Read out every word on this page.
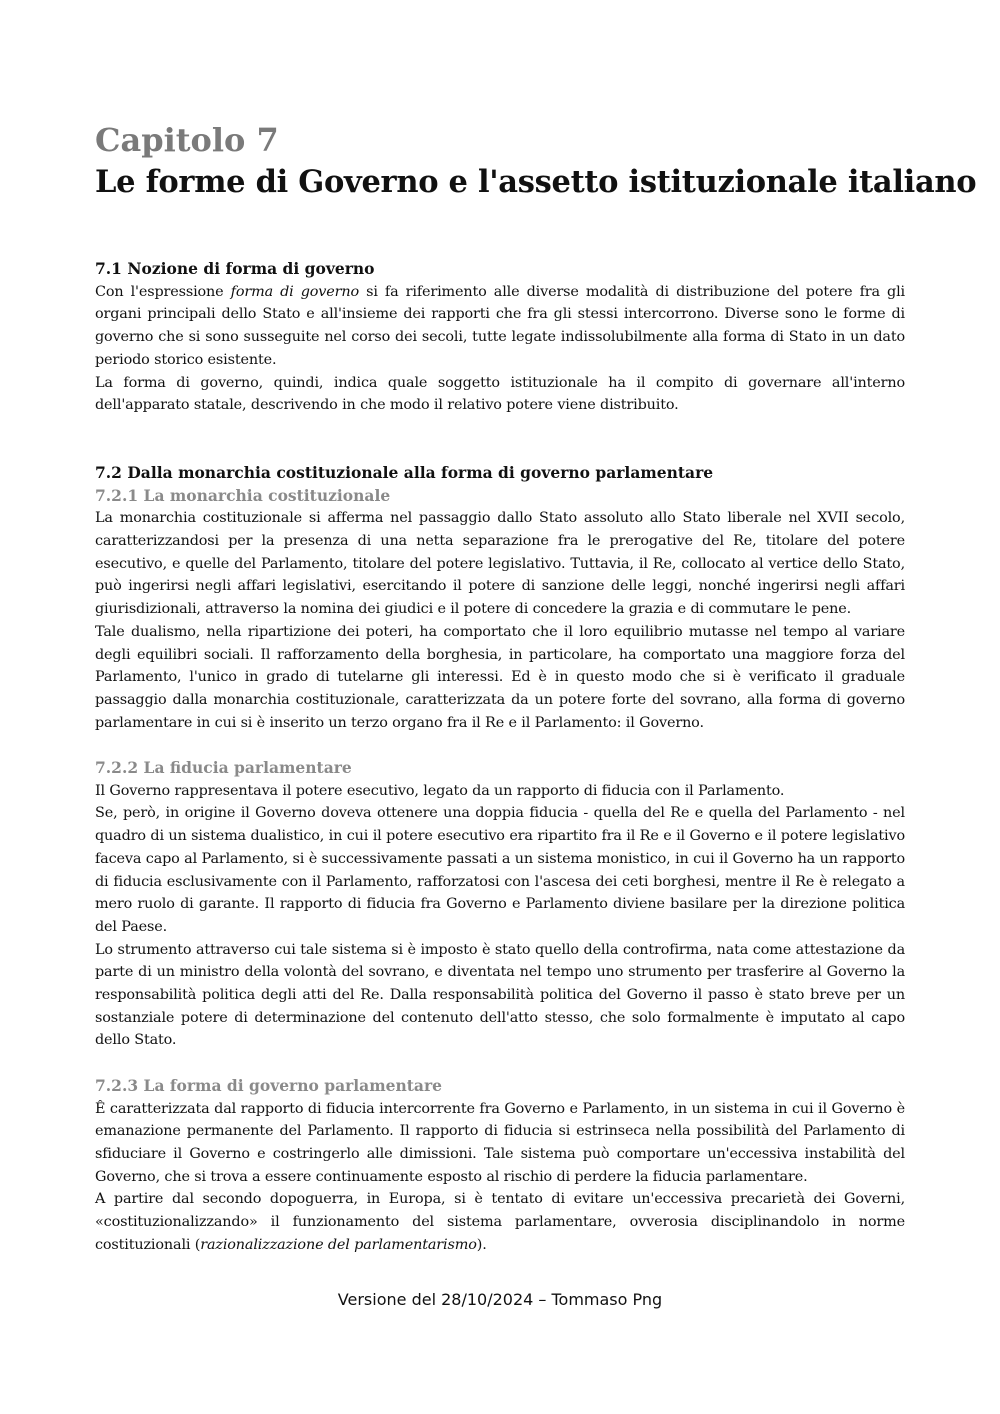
Capitolo 7
Le forme di Governo e l'assetto istituzionale italiano
7.1 Nozione di forma di governo

Con l'espressione forma di governo si fa riferimento alle diverse modalità di distribuzione del potere fra gli organi principali dello Stato e all'insieme dei rapporti che fra gli stessi intercorrono. Diverse sono le forme di governo che si sono susseguite nel corso dei secoli, tutte legate indissolubilmente alla forma di Stato in un dato periodo storico esistente.

La forma di governo, quindi, indica quale soggetto istituzionale ha il compito di governare all'interno dell'apparato statale, descrivendo in che modo il relativo potere viene distribuito.

7.2 Dalla monarchia costituzionale alla forma di governo parlamentare
7.2.1 La monarchia costituzionale

La monarchia costituzionale si afferma nel passaggio dallo Stato assoluto allo Stato liberale nel XVII secolo, caratterizzandosi per la presenza di una netta separazione fra le prerogative del Re, titolare del potere esecutivo, e quelle del Parlamento, titolare del potere legislativo. Tuttavia, il Re, collocato al vertice dello Stato, può ingerirsi negli affari legislativi, esercitando il potere di sanzione delle leggi, nonché ingerirsi negli affari giurisdizionali, attraverso la nomina dei giudici e il potere di concedere la grazia e di commutare le pene.

Tale dualismo, nella ripartizione dei poteri, ha comportato che il loro equilibrio mutasse nel tempo al variare degli equilibri sociali. Il rafforzamento della borghesia, in particolare, ha comportato una maggiore forza del Parlamento, l'unico in grado di tutelarne gli interessi. Ed è in questo modo che si è verificato il graduale passaggio dalla monarchia costituzionale, caratterizzata da un potere forte del sovrano, alla forma di governo parlamentare in cui si è inserito un terzo organo fra il Re e il Parlamento: il Governo.

7.2.2 La fiducia parlamentare

Il Governo rappresentava il potere esecutivo, legato da un rapporto di fiducia con il Parlamento.

Se, però, in origine il Governo doveva ottenere una doppia fiducia - quella del Re e quella del Parlamento - nel quadro di un sistema dualistico, in cui il potere esecutivo era ripartito fra il Re e il Governo e il potere legislativo faceva capo al Parlamento, si è successivamente passati a un sistema monistico, in cui il Governo ha un rapporto di fiducia esclusivamente con il Parlamento, rafforzatosi con l'ascesa dei ceti borghesi, mentre il Re è relegato a mero ruolo di garante. Il rapporto di fiducia fra Governo e Parlamento diviene basilare per la direzione politica del Paese.

Lo strumento attraverso cui tale sistema si è imposto è stato quello della controfirma, nata come attestazione da parte di un ministro della volontà del sovrano, e diventata nel tempo uno strumento per trasferire al Governo la responsabilità politica degli atti del Re. Dalla responsabilità politica del Governo il passo è stato breve per un sostanziale potere di determinazione del contenuto dell'atto stesso, che solo formalmente è imputato al capo dello Stato.

7.2.3 La forma di governo parlamentare

Ê caratterizzata dal rapporto di fiducia intercorrente fra Governo e Parlamento, in un sistema in cui il Governo è emanazione permanente del Parlamento. Il rapporto di fiducia si estrinseca nella possibilità del Parlamento di sfiduciare il Governo e costringerlo alle dimissioni. Tale sistema può comportare un'eccessiva instabilità del Governo, che si trova a essere continuamente esposto al rischio di perdere la fiducia parlamentare.

A partire dal secondo dopoguerra, in Europa, si è tentato di evitare un'eccessiva precarietà dei Governi, «costituzionalizzando» il funzionamento del sistema parlamentare, ovverosia disciplinandolo in norme costituzionali (razionalizzazione del parlamentarismo).

Versione del 28/10/2024 – Tommaso Png
